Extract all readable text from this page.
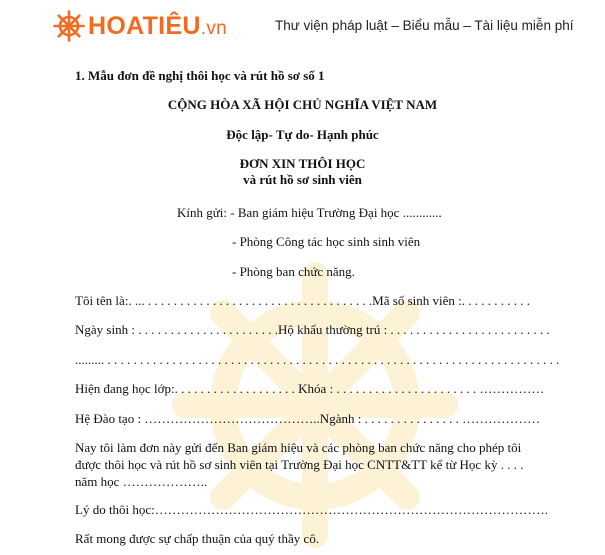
HOATIÊU.vn	Thư viện pháp luật – Biểu mẫu – Tài liệu miễn phí
1. Mẫu đơn đề nghị thôi học và rút hồ sơ số 1
CỘNG HÒA XÃ HỘI CHỦ NGHĨA VIỆT NAM
Độc lập- Tự do- Hạnh phúc
ĐƠN XIN THÔI HỌC
và rút hồ sơ sinh viên
Kính gửi: - Ban giám hiệu Trường Đại học ............
- Phòng Công tác học sinh sinh viên
- Phòng ban chức năng.
Tôi tên là:. ... . . . . . . . . . . . . . . . . . . . . . . . . . . . . . . . . . . .Mã số sinh viên :. . . . . . . . . . .
Ngày sinh : . . . . . . . . . . . . . . . . . . . . . .Hộ khẩu thường trú : . . . . . . . . . . . . . . . . . . . . . . . . .
......... . . . . . . . . . . . . . . . . . . . . . . . . . . . . . . . . . . . . . . . . . . . . . . . . . . . . . . . . . . . . . . . . . . . . . .
Hiện đang học lớp:. . . . . . . . . . . . . . . . . . . Khóa : . . . . . . . . . . . . . . . . . . . . . . ……………
Hệ Đào tạo : …………………………………..Ngành : . . . . . . . . . . . . . . . ………………
Nay tôi làm đơn này gửi đến Ban giám hiệu và các phòng ban chức năng cho phép tôi
được thôi học và rút hồ sơ sinh viên tại Trường Đại học CNTT&TT kể từ Học kỳ . . . .
năm học ………………..
Lý do thôi học:……………………………………………………………………………….
Rất mong được sự chấp thuận của quý thầy cô.
